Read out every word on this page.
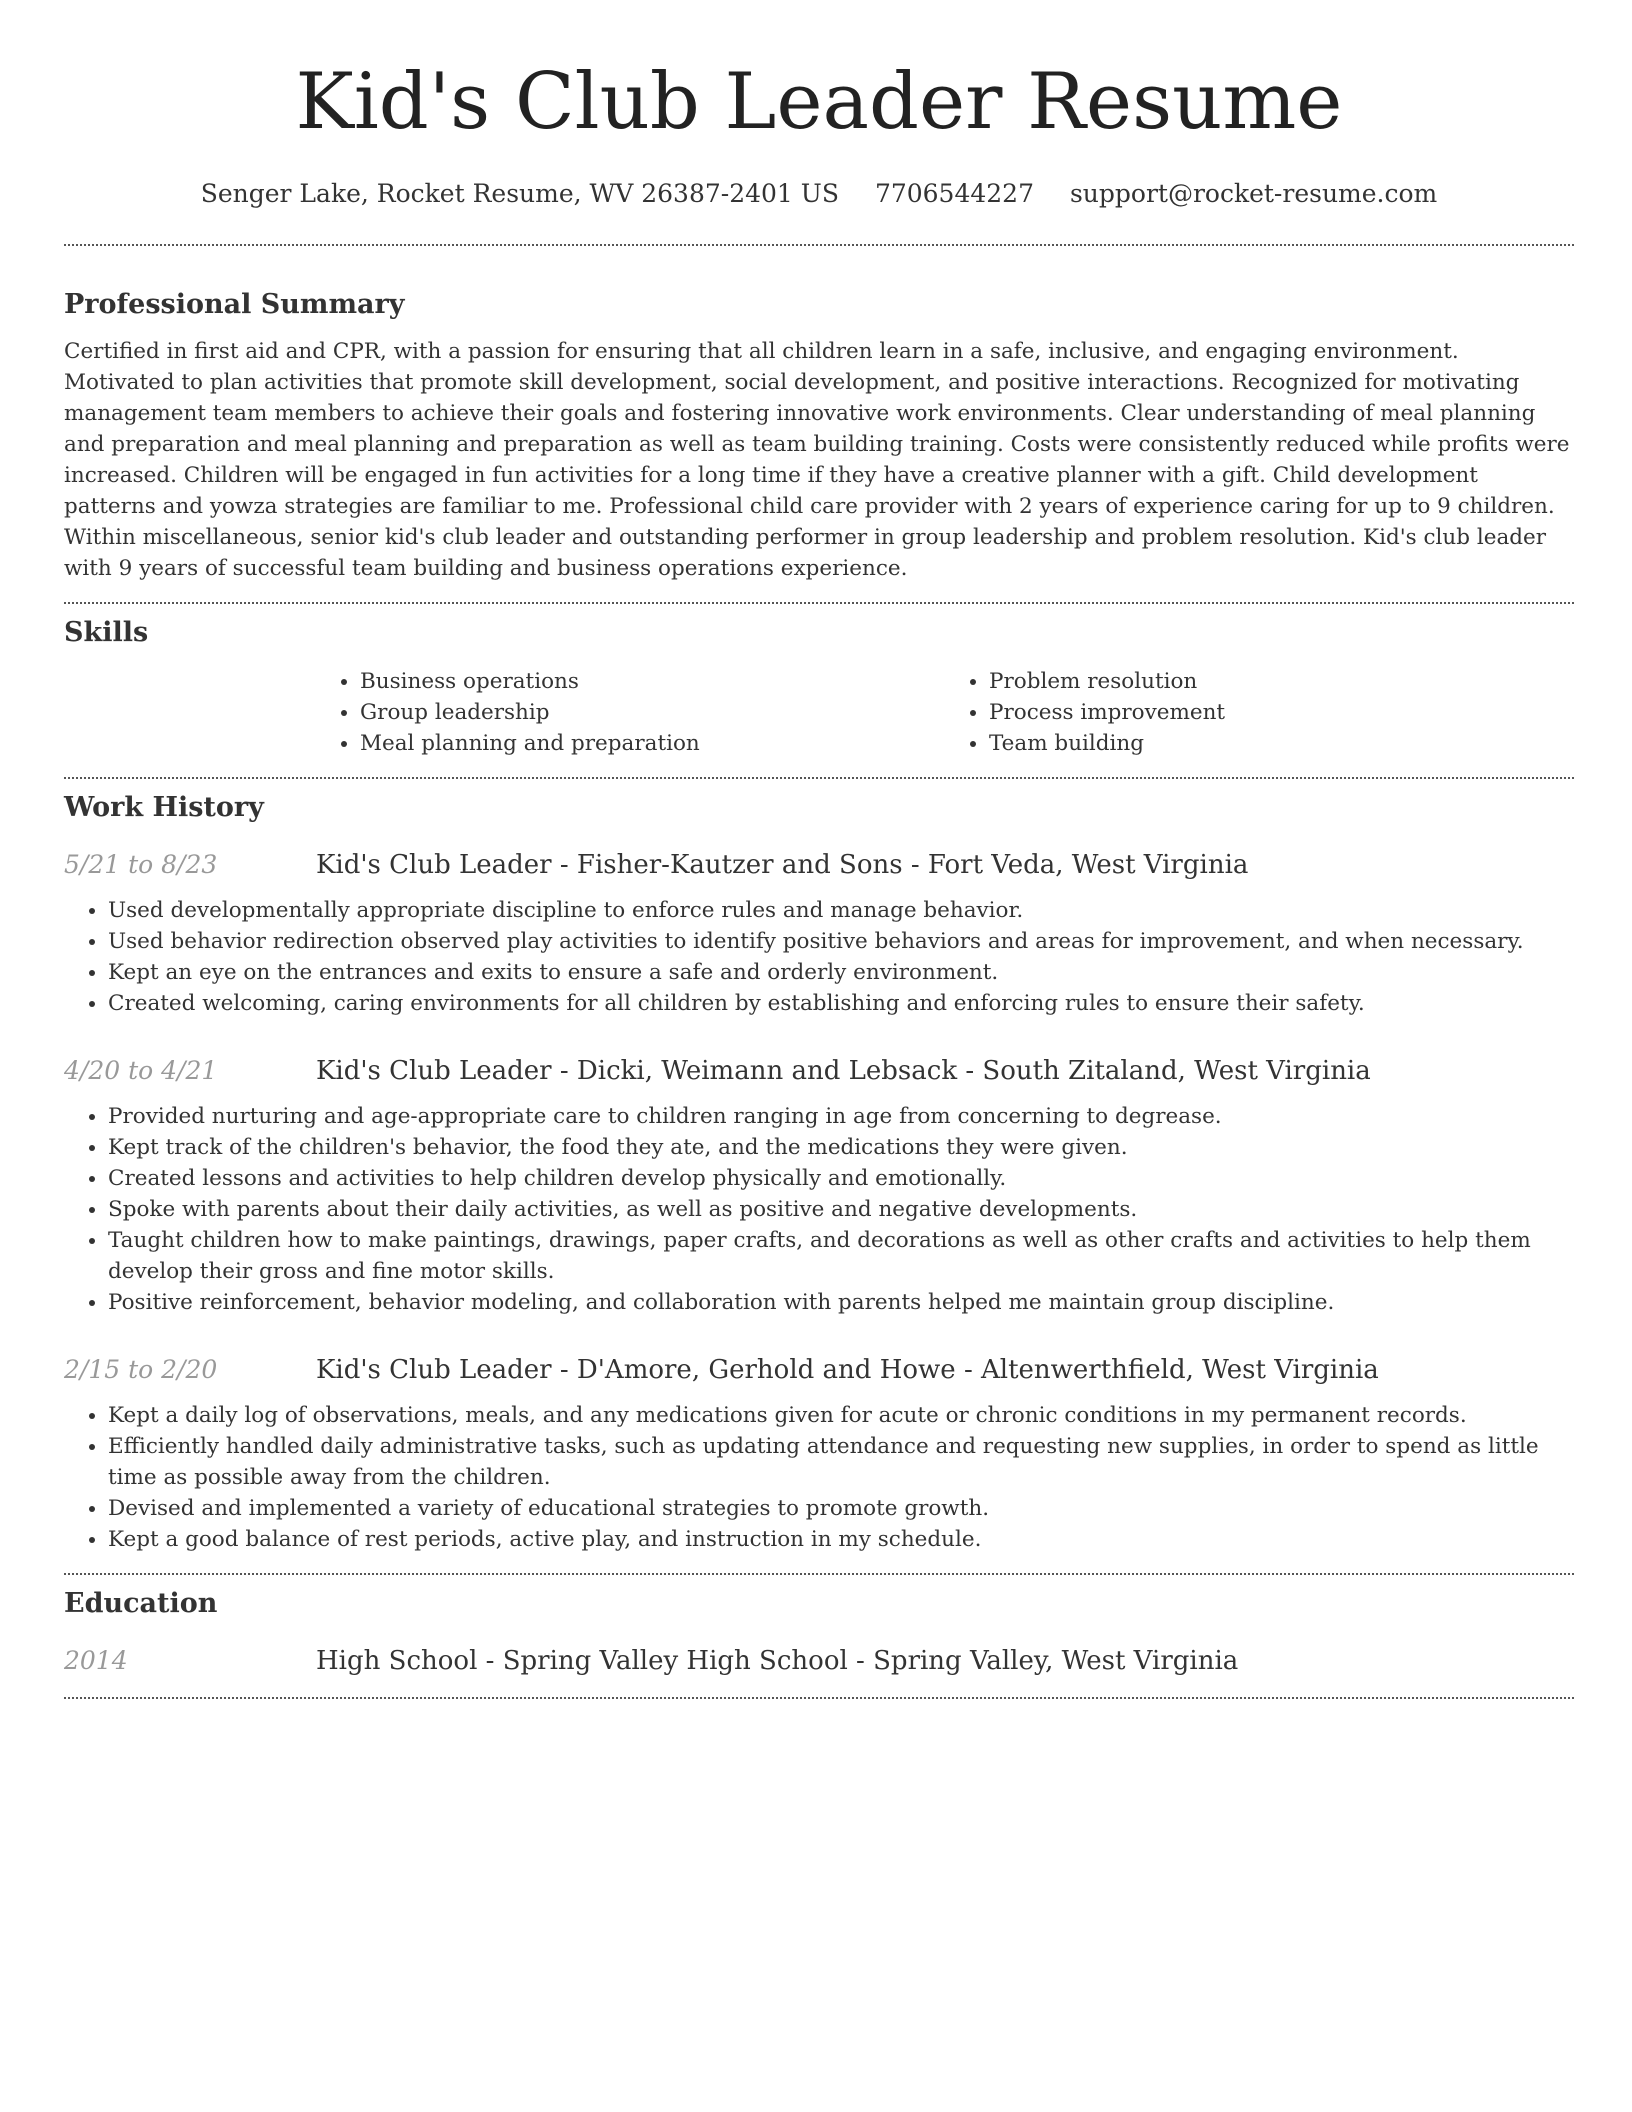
Kid's Club Leader Resume
Senger Lake, Rocket Resume, WV 26387-2401 US 7706544227 support@rocket-resume.com
Professional Summary

Certified in first aid and CPR, with a passion for ensuring that all children learn in a safe, inclusive, and engaging environment. Motivated to plan activities that promote skill development, social development, and positive interactions. Recognized for motivating management team members to achieve their goals and fostering innovative work environments. Clear understanding of meal planning and preparation and meal planning and preparation as well as team building training. Costs were consistently reduced while profits were increased. Children will be engaged in fun activities for a long time if they have a creative planner with a gift. Child development patterns and yowza strategies are familiar to me. Professional child care provider with 2 years of experience caring for up to 9 children. Within miscellaneous, senior kid's club leader and outstanding performer in group leadership and problem resolution. Kid's club leader with 9 years of successful team building and business operations experience.

Skills
• Business operations
• Group leadership
• Meal planning and preparation
• Problem resolution
• Process improvement
• Team building
Work History
5/21 to 8/23	Kid's Club Leader - Fisher-Kautzer and Sons - Fort Veda, West Virginia
• Used developmentally appropriate discipline to enforce rules and manage behavior.
• Used behavior redirection observed play activities to identify positive behaviors and areas for improvement, and when necessary.
• Kept an eye on the entrances and exits to ensure a safe and orderly environment.
• Created welcoming, caring environments for all children by establishing and enforcing rules to ensure their safety.
4/20 to 4/21	Kid's Club Leader - Dicki, Weimann and Lebsack - South Zitaland, West Virginia
• Provided nurturing and age-appropriate care to children ranging in age from concerning to degrease.
• Kept track of the children's behavior, the food they ate, and the medications they were given.
• Created lessons and activities to help children develop physically and emotionally.
• Spoke with parents about their daily activities, as well as positive and negative developments.
• Taught children how to make paintings, drawings, paper crafts, and decorations as well as other crafts and activities to help them develop their gross and fine motor skills.
• Positive reinforcement, behavior modeling, and collaboration with parents helped me maintain group discipline.
2/15 to 2/20	Kid's Club Leader - D'Amore, Gerhold and Howe - Altenwerthfield, West Virginia
• Kept a daily log of observations, meals, and any medications given for acute or chronic conditions in my permanent records.
• Efficiently handled daily administrative tasks, such as updating attendance and requesting new supplies, in order to spend as little time as possible away from the children.
• Devised and implemented a variety of educational strategies to promote growth.
• Kept a good balance of rest periods, active play, and instruction in my schedule.
Education
2014	High School - Spring Valley High School - Spring Valley, West Virginia
